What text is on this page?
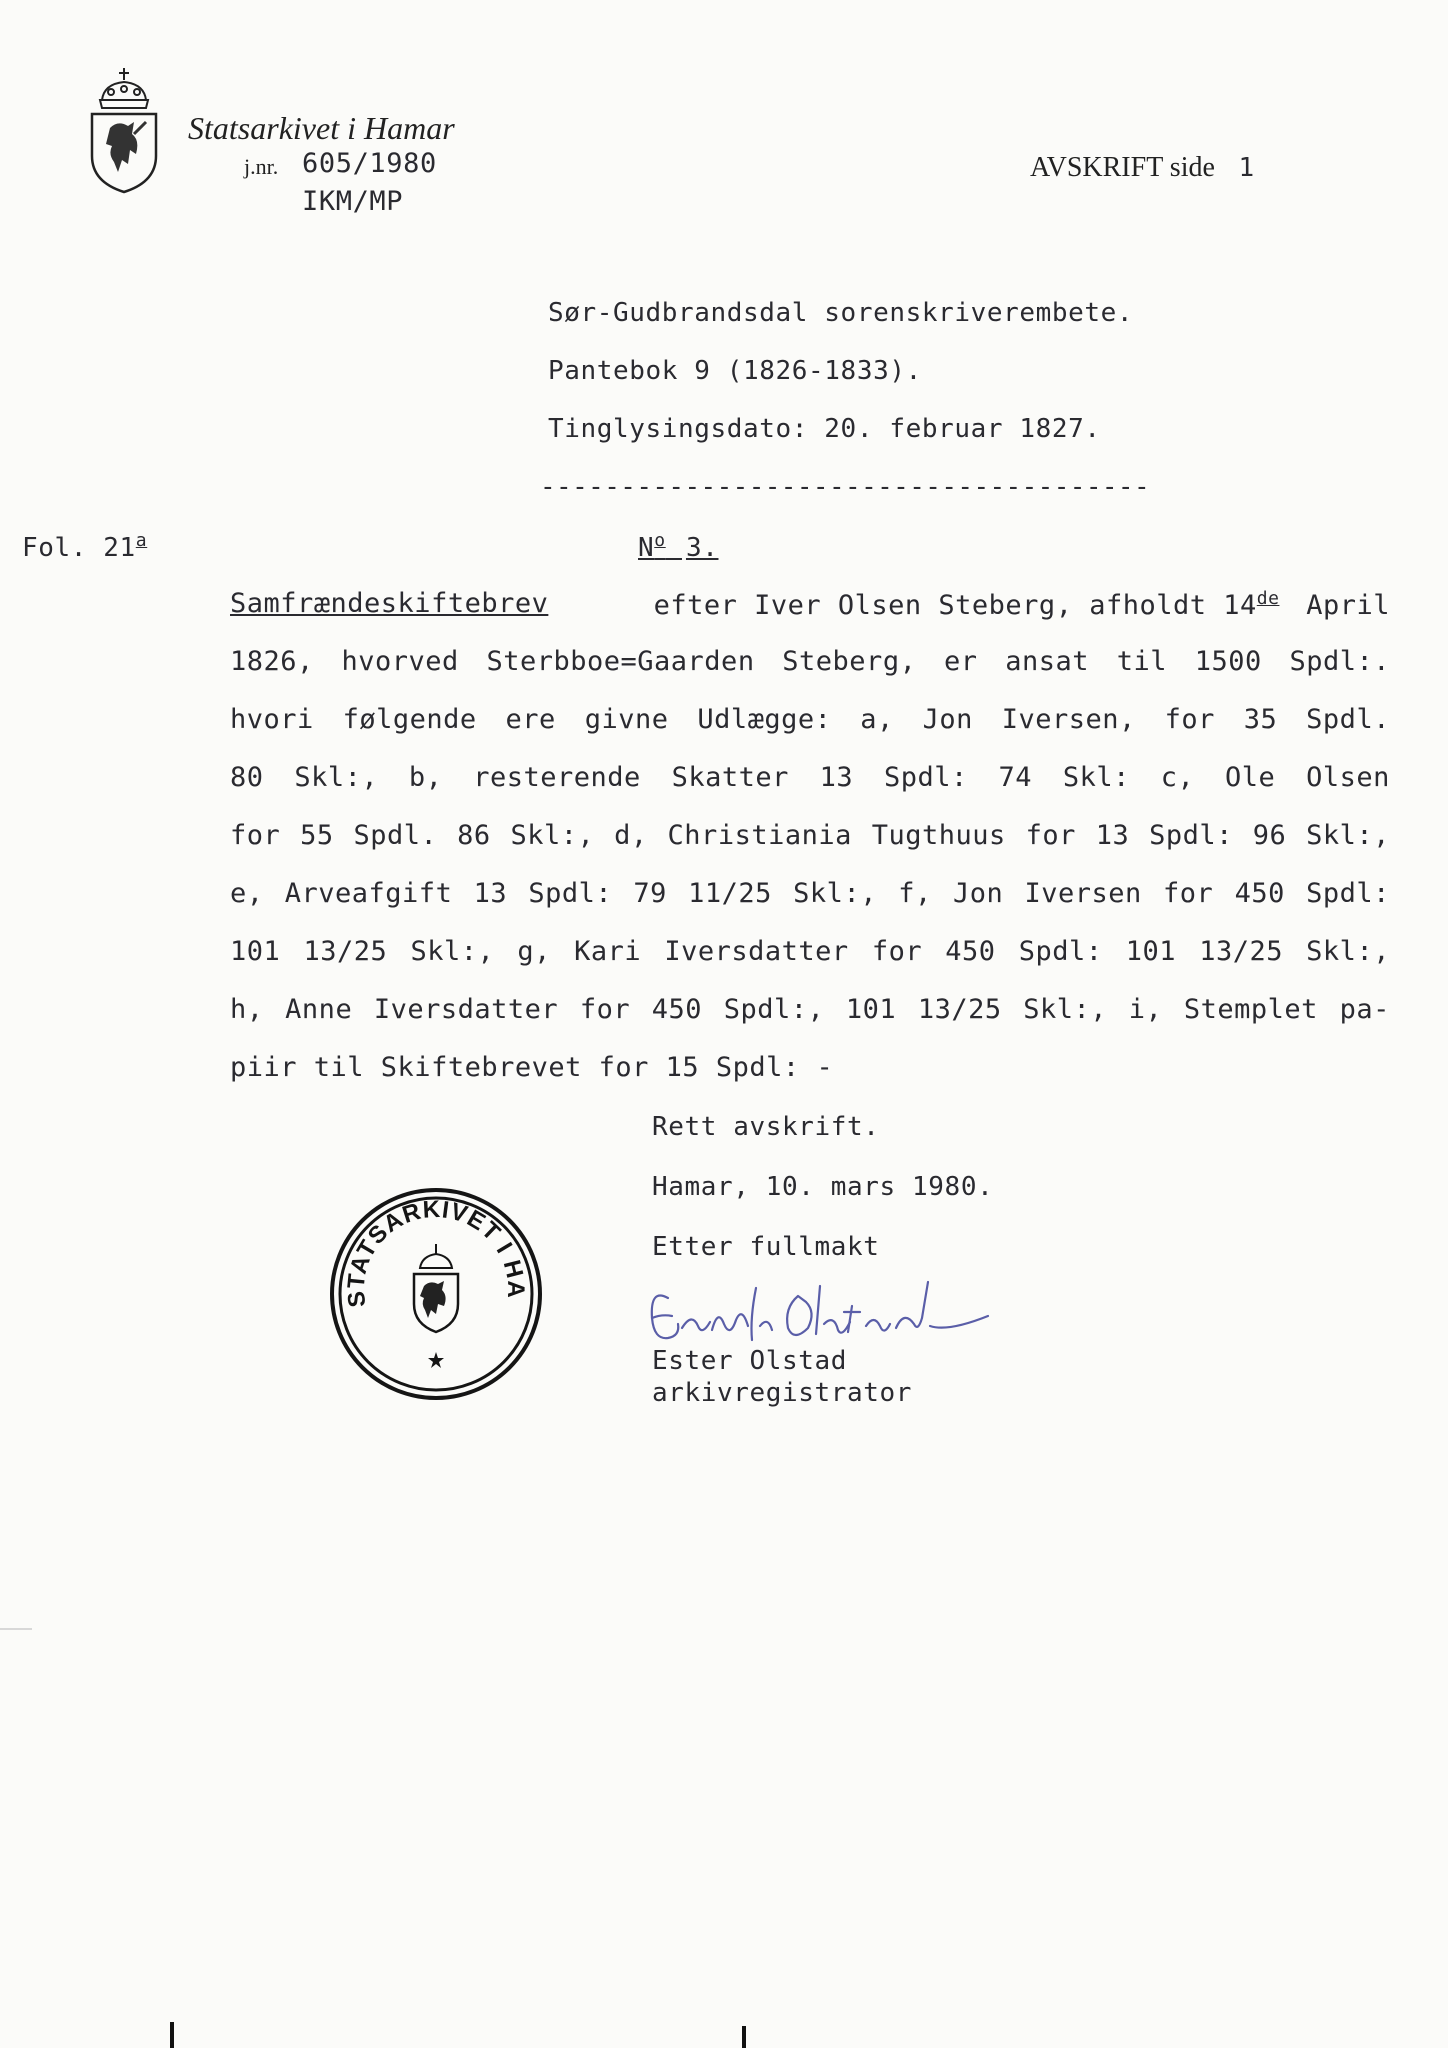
Statsarkivet i Hamar
j.nr. 605/1980
IKM/MP
AVSKRIFT side 1
Sør-Gudbrandsdal sorenskriverembete.
Pantebok 9 (1826-1833).
Tinglysingsdato: 20. februar 1827.
--------------------------------------
Fol. 21$^a$	$N^o$ 3.
Samfrændeskiftebrev	efter Iver Olsen Steberg, afholdt 14de April
1826, hvorved Sterbboe=Gaarden Steberg, er ansat til 1500 Spdl:.
hvori følgende ere givne Udlægge: a, Jon Iversen, for 35 Spdl.
80 Skl:, b, resterende Skatter 13 Spdl: 74 Skl: c, Ole Olsen
for 55 Spdl. 86 Skl:, d, Christiania Tugthuus for 13 Spdl: 96 Skl:,
e, Arveafgift 13 Spdl: 79 11/25 Skl:, f, Jon Iversen for 450 Spdl:
101 13/25 Skl:, g, Kari Iversdatter for 450 Spdl: 101 13/25 Skl:,
h, Anne Iversdatter for 450 Spdl:, 101 13/25 Skl:, i, Stemplet pa-
piir til Skiftebrevet for 15 Spdl: -
Rett avskrift.
Hamar, 10. mars 1980.
Etter fullmakt
STATSARKIVET I HA
Ester Olstad
arkivregistrator
